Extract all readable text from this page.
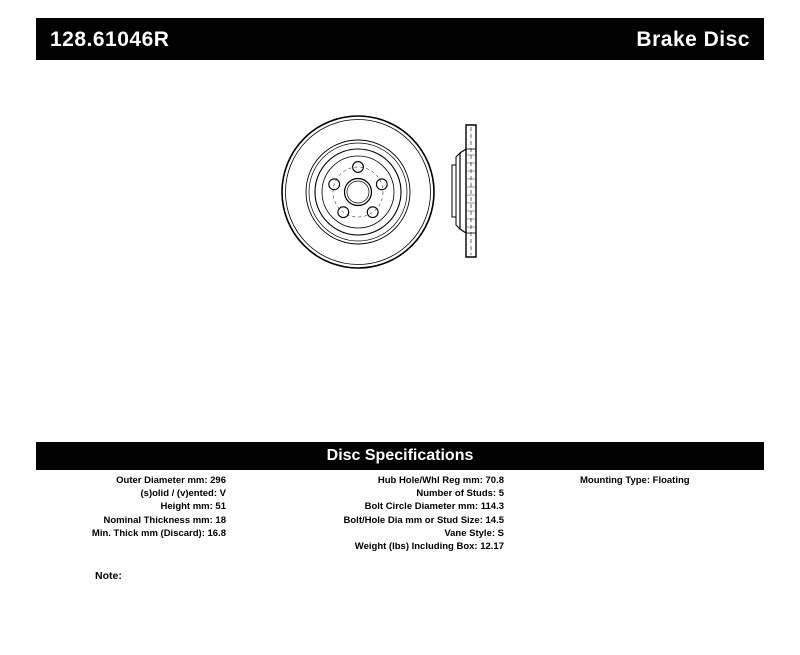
128.61046R	Brake Disc
Disc Specifications
Outer Diameter mm: 296
(s)olid / (v)ented: V
Height mm: 51
Nominal Thickness mm: 18
Min. Thick mm (Discard): 16.8
Hub Hole/Whl Reg mm: 70.8
Number of Studs: 5
Bolt Circle Diameter mm: 114.3
Bolt/Hole Dia mm or Stud Size: 14.5
Vane Style: S
Weight (lbs) Including Box: 12.17
Mounting Type: Floating
Note:
